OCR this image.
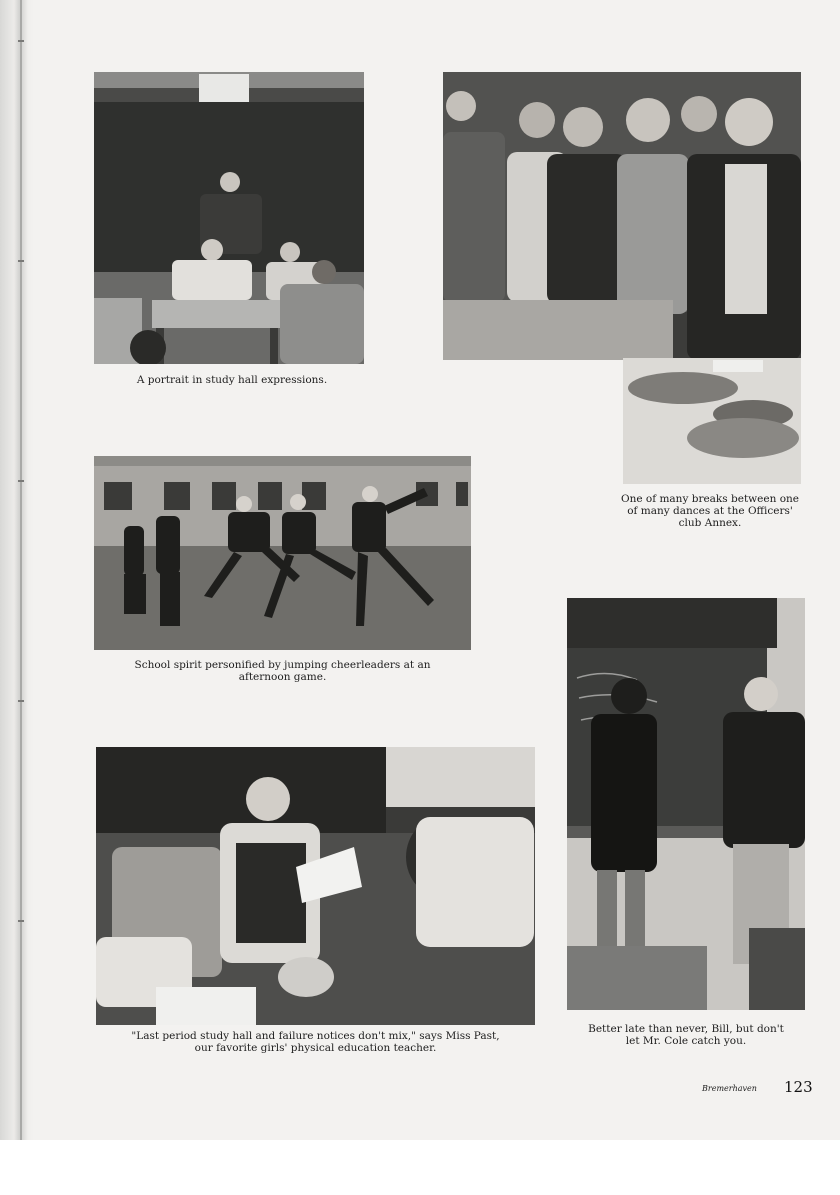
A portrait in study hall expressions.
One of many breaks between one
of many dances at the Officers'
club Annex.
School spirit personified by jumping cheerleaders at an
afternoon game.
"Last period study hall and failure notices don't mix," says Miss Past,
our favorite girls' physical education teacher.
Better late than never, Bill, but don't
let Mr. Cole catch you.
Bremerhaven 123
